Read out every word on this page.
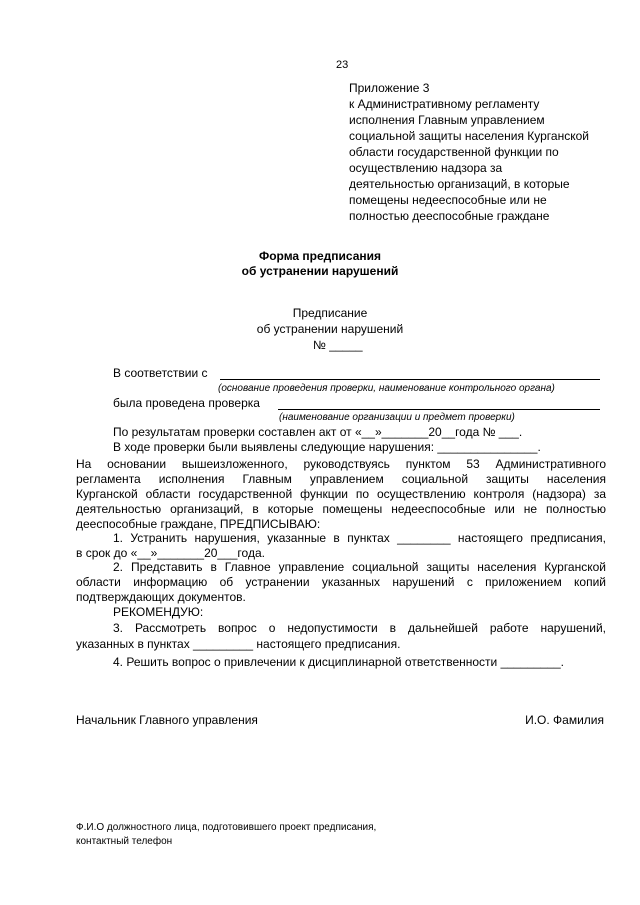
23
Приложение 3
к Административному регламенту
исполнения Главным управлением
социальной защиты населения Курганской
области государственной функции по
осуществлению надзора за
деятельностью организаций, в которые
помещены недееспособные или не
полностью дееспособные граждане
Форма предписания
об устранении нарушений
Предписание
об устранении нарушений
№ _____
В соответствии с
(основание проведения проверки, наименование контрольного органа)
была проведена проверка
(наименование организации и предмет проверки)
По результатам проверки составлен акт от «__»_______20__года № ___.
В ходе проверки были выявлены следующие нарушения: _______________.
На основании вышеизложенного, руководствуясь пунктом 53 Административного
регламента исполнения Главным управлением социальной защиты населения
Курганской области государственной функции по осуществлению контроля (надзора) за
деятельностью организаций, в которые помещены недееспособные или не полностью
дееспособные граждане, ПРЕДПИСЫВАЮ:
1. Устранить нарушения, указанные в пунктах ________ настоящего предписания,
в срок до «__»_______20___года.
2. Представить в Главное управление социальной защиты населения Курганской
области информацию об устранении указанных нарушений с приложением копий
подтверждающих документов.
РЕКОМЕНДУЮ:
3. Рассмотреть вопрос о недопустимости в дальнейшей работе нарушений,
указанных в пунктах _________ настоящего предписания.
4. Решить вопрос о привлечении к дисциплинарной ответственности _________.
Начальник Главного управления	И.О. Фамилия
Ф.И.О должностного лица, подготовившего проект предписания,
контактный телефон
